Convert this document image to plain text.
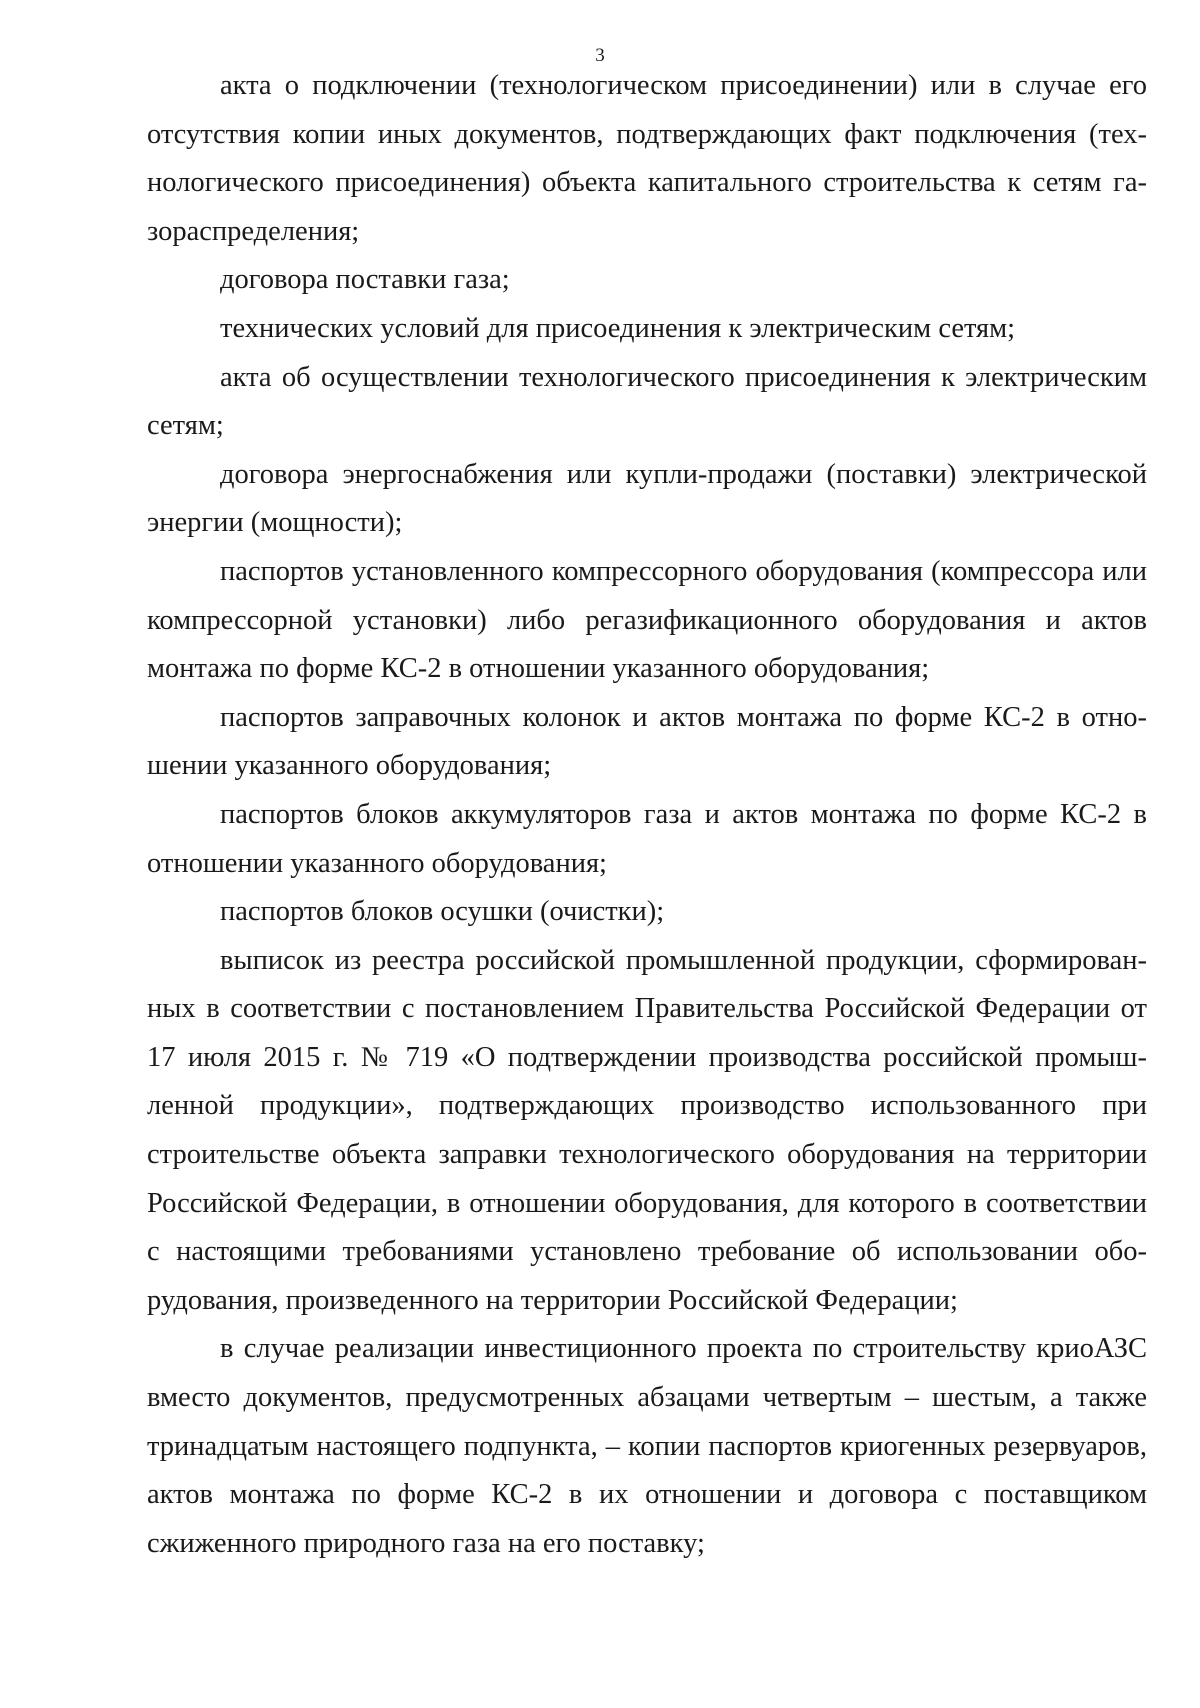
3

акта о подключении (технологическом присоединении) или в случае его отсутствия копии иных документов, подтверждающих факт подключения (технологического присоединения) объекта капитального строительства к сетям газораспределения;

договора поставки газа;

технических условий для присоединения к электрическим сетям;

акта об осуществлении технологического присоединения к электрическим сетям;

договора энергоснабжения или купли-продажи (поставки) электрической энергии (мощности);

паспортов установленного компрессорного оборудования (компрессора или компрессорной установки) либо регазификационного оборудования и актов монтажа по форме КС-2 в отношении указанного оборудования;

паспортов заправочных колонок и актов монтажа по форме КС-2 в отношении указанного оборудования;

паспортов блоков аккумуляторов газа и актов монтажа по форме КС-2 в отношении указанного оборудования;

паспортов блоков осушки (очистки);

выписок из реестра российской промышленной продукции, сформированных в соответствии с постановлением Правительства Российской Федерации от 17 июля 2015 г. № 719 «О подтверждении производства российской промышленной продукции», подтверждающих производство использованного при строительстве объекта заправки технологического оборудования на территории Российской Федерации, в отношении оборудования, для которого в соответствии с настоящими требованиями установлено требование об использовании оборудования, произведенного на территории Российской Федерации;

в случае реализации инвестиционного проекта по строительству криоАЗС вместо документов, предусмотренных абзацами четвертым – шестым, а также тринадцатым настоящего подпункта, – копии паспортов криогенных резервуаров, актов монтажа по форме КС-2 в их отношении и договора с поставщиком сжиженного природного газа на его поставку;
